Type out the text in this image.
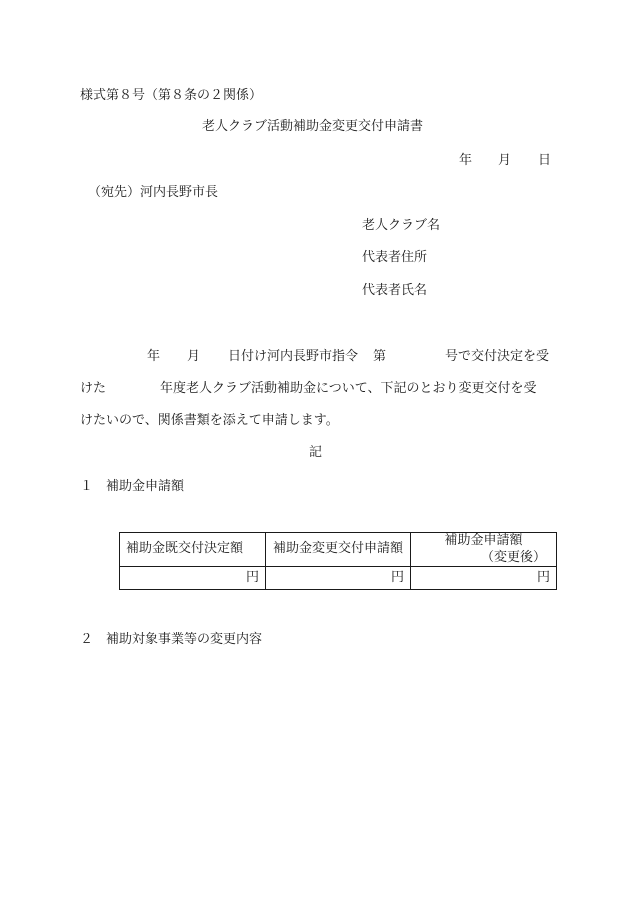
様式第８号（第８条の２関係）
老人クラブ活動補助金変更交付申請書
年 月 日
（宛先）河内長野市長
老人クラブ名
代表者住所
代表者氏名
年 月 日付け河内長野市指令 第	号で交付決定を受
けた	年度老人クラブ活動補助金について、下記のとおり変更交付を受
けたいので、関係書類を添えて申請します。
記
１　補助金申請額
補助金既交付決定額	補助金変更交付申請額	補助金申請額
（変更後）

円	円	円
２　補助対象事業等の変更内容
